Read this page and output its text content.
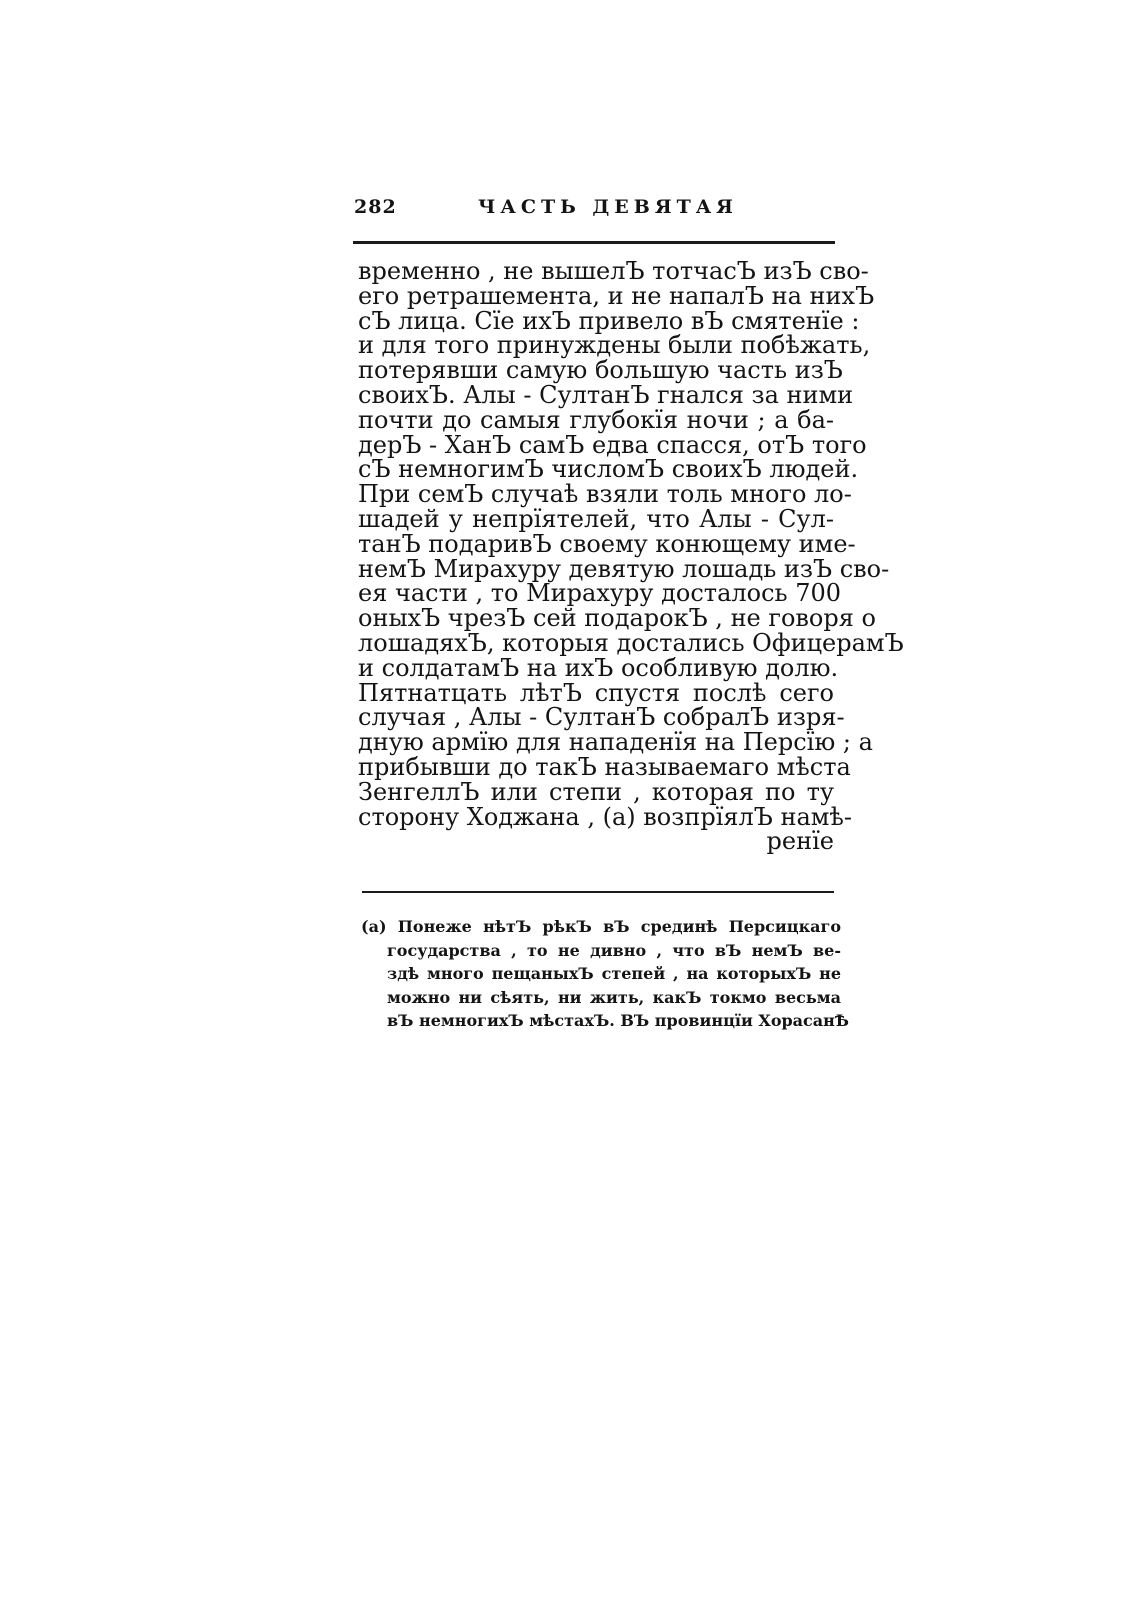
282	ЧАСТЬ ДЕВЯТАЯ
временно , не вышелЪ тотчасЪ изЪ сво-
его ретрашемента, и не напалЪ на нихЪ
сЪ лица. Сїе ихЪ привело вЪ смятенїе :
и для того принуждены были побѣжать,
потерявши самую большую часть изЪ
своихЪ. Алы - СултанЪ гнался за ними
почти до самыя глубокїя ночи ; а ба-
дерЪ - ХанЪ самЪ едва спасся, отЪ того
сЪ немногимЪ числомЪ своихЪ людей.
При семЪ случаѣ взяли толь много ло-
шадей у непрїятелей, что Алы - Сул-
танЪ подаривЪ своему конющему име-
немЪ Мирахуру девятую лошадь изЪ сво-
ея части , то Мирахуру досталось 700
оныхЪ чрезЪ сей подарокЪ , не говоря о
лошадяхЪ, которыя достались ОфицерамЪ
и солдатамЪ на ихЪ особливую долю.
Пятнатцать лѣтЪ спустя послѣ сего
случая , Алы - СултанЪ собралЪ изря-
дную армїю для нападенїя на Персїю ; а
прибывши до такЪ называемаго мѣста
ЗенгеллЪ или степи , которая по ту
сторону Ходжана , (а) возпрїялЪ намѣ-
ренїе
(а) Понеже нѣтЪ рѣкЪ вЪ срединѣ Персицкаго
государства , то не дивно , что вЪ немЪ ве-
здѣ много пещаныхЪ степей , на которыхЪ не
можно ни сѣять, ни жить, какЪ токмо весьма
вЪ немногихЪ мѣстахЪ. ВЪ провинцїи ХорасанѢ
